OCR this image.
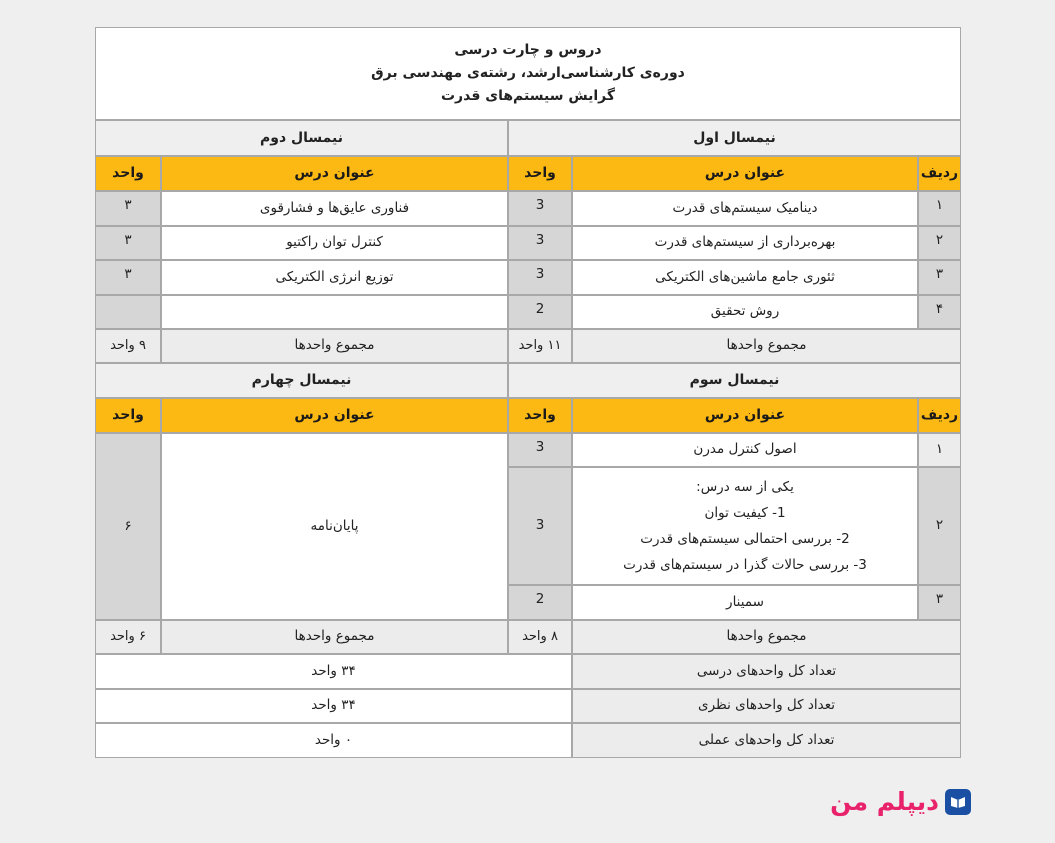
دروس و چارت درسی
دوره‌ی کارشناسی‌ارشد، رشته‌ی مهندسی برق
گرایش سیستم‌های قدرت
نیمسال اول
نیمسال دوم
ردیف
عنوان درس
واحد
عنوان درس
واحد
۱
دینامیک سیستم‌های قدرت
3
۲
بهره‌برداری از سیستم‌های قدرت
3
۳
ثئوری جامع ماشین‌های الکتریکی
3
۴
روش تحقیق
2
فناوری عایق‌ها و فشارقوی
۳
کنترل توان راکتیو
۳
توزیع انرژی الکتریکی
۳
مجموع واحدها
۱۱ واحد
مجموع واحدها
۹ واحد
نیمسال سوم
نیمسال چهارم
ردیف
عنوان درس
واحد
عنوان درس
واحد
۱
اصول کنترل مدرن
3
۲
یکی از سه درس:
1- کیفیت توان
2- بررسی احتمالی سیستم‌های قدرت
3- بررسی حالات گذرا در سیستم‌های قدرت
3
۳
سمینار
2
پایان‌نامه
۶
مجموع واحدها
۸ واحد
مجموع واحدها
۶ واحد
تعداد کل واحدهای درسی
۳۴ واحد
تعداد کل واحدهای نظری
۳۴ واحد
تعداد کل واحدهای عملی
۰ واحد
دیپلم من
